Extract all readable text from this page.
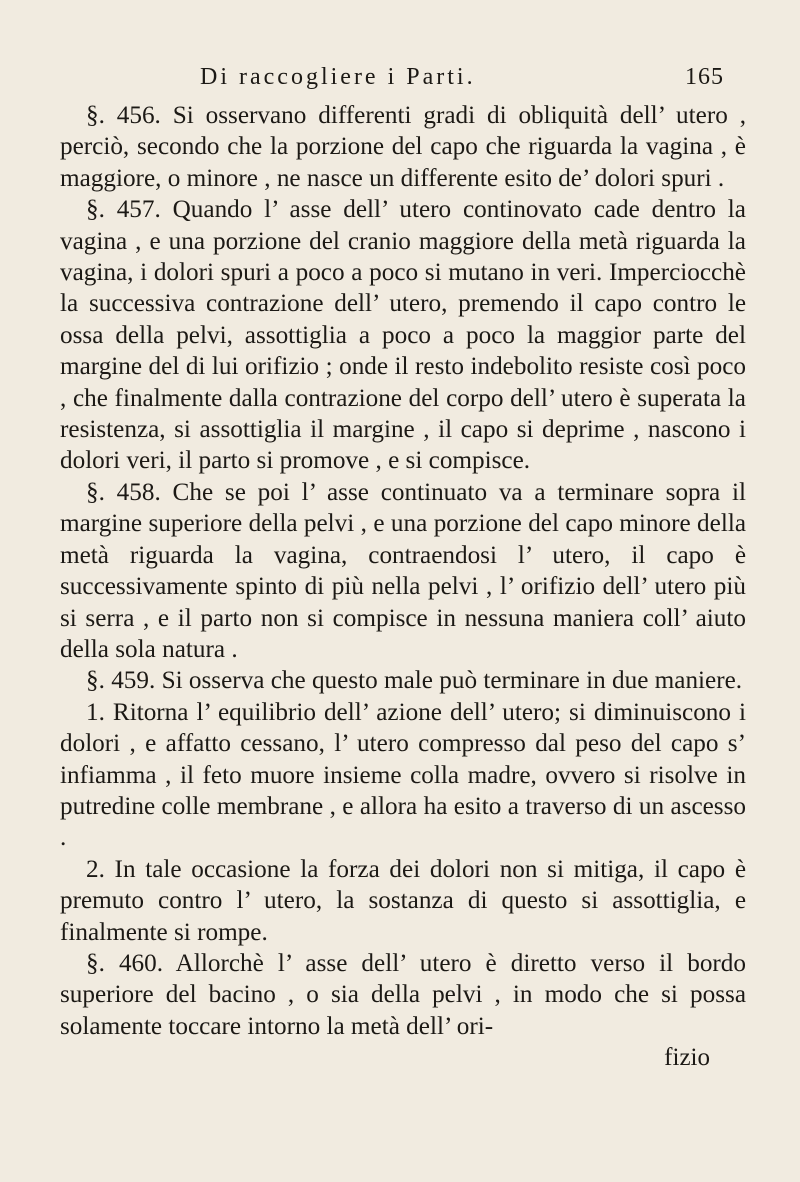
Di raccogliere i Parti.	165

§. 456. Si osservano differenti gradi di obliquità dell’ utero , perciò, secondo che la porzione del capo che riguarda la vagina , è maggiore, o minore , ne nasce un differente esito de’ dolori spuri .

§. 457. Quando l’ asse dell’ utero continovato cade dentro la vagina , e una porzione del cranio maggiore della metà riguarda la vagina, i dolori spuri a poco a poco si mutano in veri. Imperciocchè la successiva contrazione dell’ utero, premendo il capo contro le ossa della pelvi, assottiglia a poco a poco la maggior parte del margine del di lui orifizio ; onde il resto indebolito resiste così poco , che finalmente dalla contrazione del corpo dell’ utero è superata la resistenza, si assottiglia il margine , il capo si deprime , nascono i dolori veri, il parto si promove , e si compisce.

§. 458. Che se poi l’ asse continuato va a terminare sopra il margine superiore della pelvi , e una porzione del capo minore della metà riguarda la vagina, contraendosi l’ utero, il capo è successivamente spinto di più nella pelvi , l’ orifizio dell’ utero più si serra , e il parto non si compisce in nessuna maniera coll’ aiuto della sola natura .

§. 459. Si osserva che questo male può terminare in due maniere.

1. Ritorna l’ equilibrio dell’ azione dell’ utero; si diminuiscono i dolori , e affatto cessano, l’ utero compresso dal peso del capo s’ infiamma , il feto muore insieme colla madre, ovvero si risolve in putredine colle membrane , e allora ha esito a traverso di un ascesso .

2. In tale occasione la forza dei dolori non si mitiga, il capo è premuto contro l’ utero, la sostanza di questo si assottiglia, e finalmente si rompe.

§. 460. Allorchè l’ asse dell’ utero è diretto verso il bordo superiore del bacino , o sia della pelvi , in modo che si possa solamente toccare intorno la metà dell’ ori-

fizio
